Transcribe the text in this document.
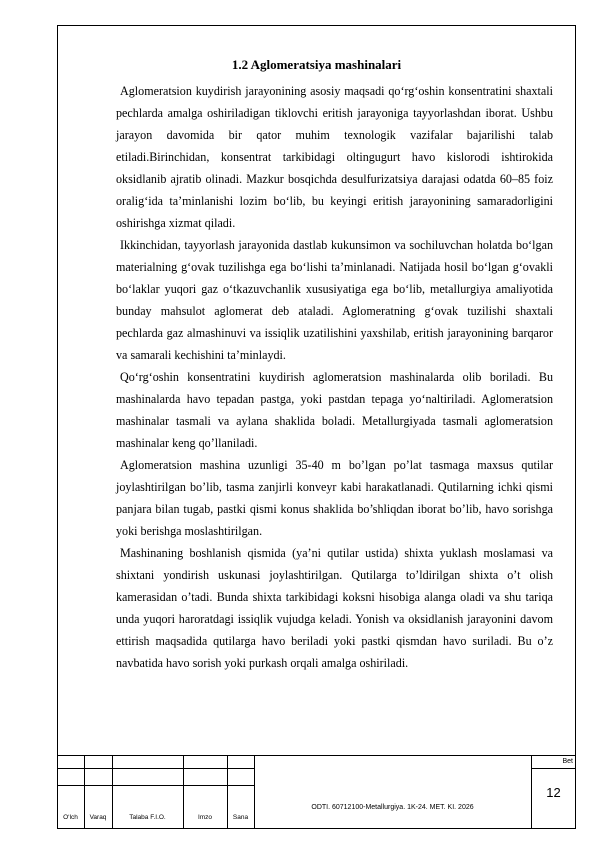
1.2 Aglomeratsiya mashinalari

Aglomeratsion kuydirish jarayonining asosiy maqsadi qo‘rg‘oshin konsentratini shaxtali pechlarda amalga oshiriladigan tiklovchi eritish jarayoniga tayyorlashdan iborat. Ushbu jarayon davomida bir qator muhim texnologik vazifalar bajarilishi talab etiladi.Birinchidan, konsentrat tarkibidagi oltingugurt havo kislorodi ishtirokida oksidlanib ajratib olinadi. Mazkur bosqichda desulfurizatsiya darajasi odatda 60–85 foiz oralig‘ida ta’minlanishi lozim bo‘lib, bu keyingi eritish jarayonining samaradorligini oshirishga xizmat qiladi.

Ikkinchidan, tayyorlash jarayonida dastlab kukunsimon va sochiluvchan holatda bo‘lgan materialning g‘ovak tuzilishga ega bo‘lishi ta’minlanadi. Natijada hosil bo‘lgan g‘ovakli bo‘laklar yuqori gaz o‘tkazuvchanlik xususiyatiga ega bo‘lib, metallurgiya amaliyotida bunday mahsulot aglomerat deb ataladi. Aglomeratning g‘ovak tuzilishi shaxtali pechlarda gaz almashinuvi va issiqlik uzatilishini yaxshilab, eritish jarayonining barqaror va samarali kechishini ta’minlaydi.

Qo‘rg‘oshin konsentratini kuydirish aglomeratsion mashinalarda olib boriladi. Bu mashinalarda havo tepadan pastga, yoki pastdan tepaga yo‘naltiriladi. Aglomeratsion mashinalar tasmali va aylana shaklida boladi. Metallurgiyada tasmali aglomeratsion mashinalar keng qo’llaniladi.

Aglomeratsion mashina uzunligi 35-40 m bo’lgan po’lat tasmaga maxsus qutilar joylashtirilgan bo’lib, tasma zanjirli konveyr kabi harakatlanadi. Qutilarning ichki qismi panjara bilan tugab, pastki qismi konus shaklida bo’shliqdan iborat bo’lib, havo sorishga yoki berishga moslashtirilgan.

Mashinaning boshlanish qismida (ya’ni qutilar ustida) shixta yuklash moslamasi va shixtani yondirish uskunasi joylashtirilgan. Qutilarga to’ldirilgan shixta o’t olish kamerasidan o’tadi. Bunda shixta tarkibidagi koksni hisobiga alanga oladi va shu tariqa unda yuqori haroratdagi issiqlik vujudga keladi. Yonish va oksidlanish jarayonini davom ettirish maqsadida qutilarga havo beriladi yoki pastki qismdan havo suriladi. Bu o’z navbatida havo sorish yoki purkash orqali amalga oshiriladi.

O‘lch	Varaq	Talaba F.I.O.	Imzo	Sana
ODTI. 60712100-Metallurgiya. 1K-24. MET. KI. 2026
Bet
12
